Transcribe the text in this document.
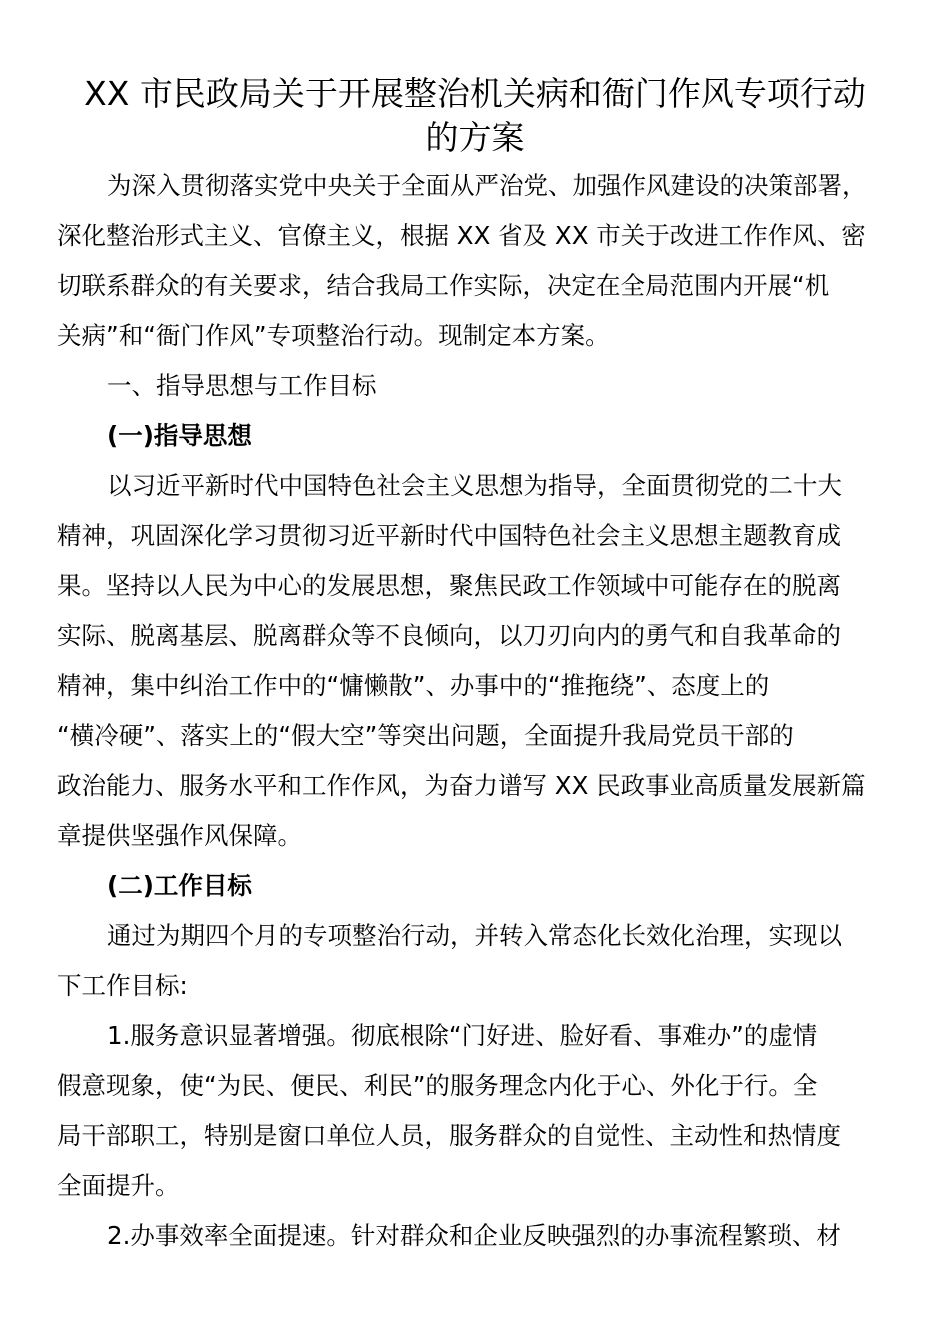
XX 市民政局关于开展整治机关病和衙门作风专项行动
的方案

为深入贯彻落实党中央关于全面从严治党、加强作风建设的决策部署，

深化整治形式主义、官僚主义，根据 XX 省及 XX 市关于改进工作作风、密

切联系群众的有关要求，结合我局工作实际，决定在全局范围内开展“机

关病”和“衙门作风”专项整治行动。现制定本方案。

一、指导思想与工作目标

(一)指导思想

以习近平新时代中国特色社会主义思想为指导，全面贯彻党的二十大

精神，巩固深化学习贯彻习近平新时代中国特色社会主义思想主题教育成

果。坚持以人民为中心的发展思想，聚焦民政工作领域中可能存在的脱离

实际、脱离基层、脱离群众等不良倾向，以刀刃向内的勇气和自我革命的

精神，集中纠治工作中的“慵懒散”、办事中的“推拖绕”、态度上的

“横冷硬”、落实上的“假大空”等突出问题，全面提升我局党员干部的

政治能力、服务水平和工作作风，为奋力谱写 XX 民政事业高质量发展新篇

章提供坚强作风保障。

(二)工作目标

通过为期四个月的专项整治行动，并转入常态化长效化治理，实现以

下工作目标:

1.服务意识显著增强。彻底根除“门好进、脸好看、事难办”的虚情

假意现象，使“为民、便民、利民”的服务理念内化于心、外化于行。全

局干部职工，特别是窗口单位人员，服务群众的自觉性、主动性和热情度

全面提升。

2.办事效率全面提速。针对群众和企业反映强烈的办事流程繁琐、材
